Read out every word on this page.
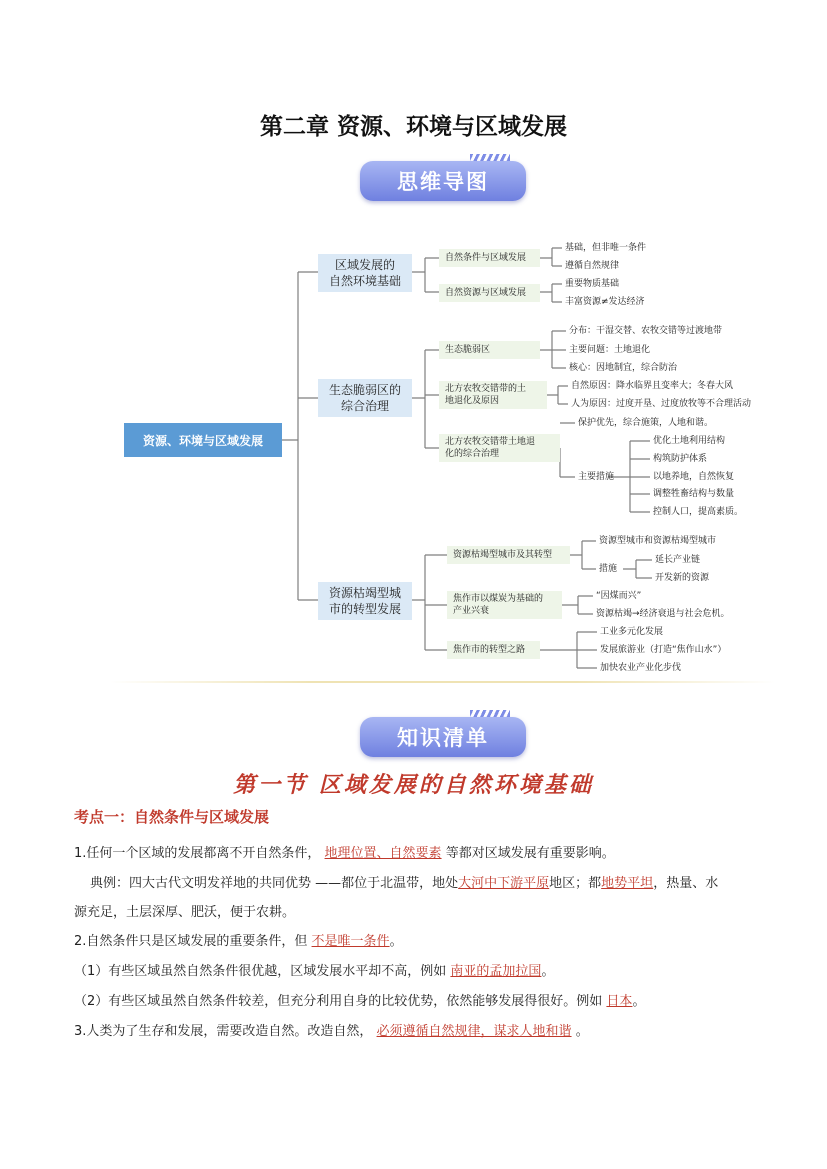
第二章 资源、环境与区域发展
思维导图
资源、环境与区域发展
区域发展的
自然环境基础
生态脆弱区的
综合治理
资源枯竭型城
市的转型发展
自然条件与区域发展
自然资源与区域发展
生态脆弱区
北方农牧交错带的土
地退化及原因
北方农牧交错带土地退
化的综合治理
资源枯竭型城市及其转型
焦作市以煤炭为基础的
产业兴衰
焦作市的转型之路
基础，但非唯一条件
遵循自然规律
重要物质基础
丰富资源≠发达经济
分布：干湿交替、农牧交错等过渡地带
主要问题：土地退化
核心：因地制宜，综合防治
自然原因：降水临界且变率大；冬春大风
人为原因：过度开垦、过度放牧等不合理活动
保护优先，综合施策，人地和谐。
主要措施
优化土地利用结构
构筑防护体系
以地养地，自然恢复
调整牲畜结构与数量
控制人口，提高素质。
资源型城市和资源枯竭型城市
措施
延长产业链
开发新的资源
“因煤而兴”
资源枯竭→经济衰退与社会危机。
工业多元化发展
发展旅游业（打造“焦作山水”）
加快农业产业化步伐
知识清单
第一节 区域发展的自然环境基础
考点一：自然条件与区域发展
1.任何一个区域的发展都离不开自然条件， 地理位置、自然要素 等都对区域发展有重要影响。
典例：四大古代文明发祥地的共同优势 ——都位于北温带，地处大河中下游平原地区；都地势平坦，热量、水
源充足，土层深厚、肥沃，便于农耕。
2.自然条件只是区域发展的重要条件，但 不是唯一条件。
（1）有些区域虽然自然条件很优越，区域发展水平却不高，例如 南亚的孟加拉国。
（2）有些区域虽然自然条件较差，但充分利用自身的比较优势，依然能够发展得很好。例如 日本。
3.人类为了生存和发展，需要改造自然。改造自然， 必须遵循自然规律，谋求人地和谐 。
